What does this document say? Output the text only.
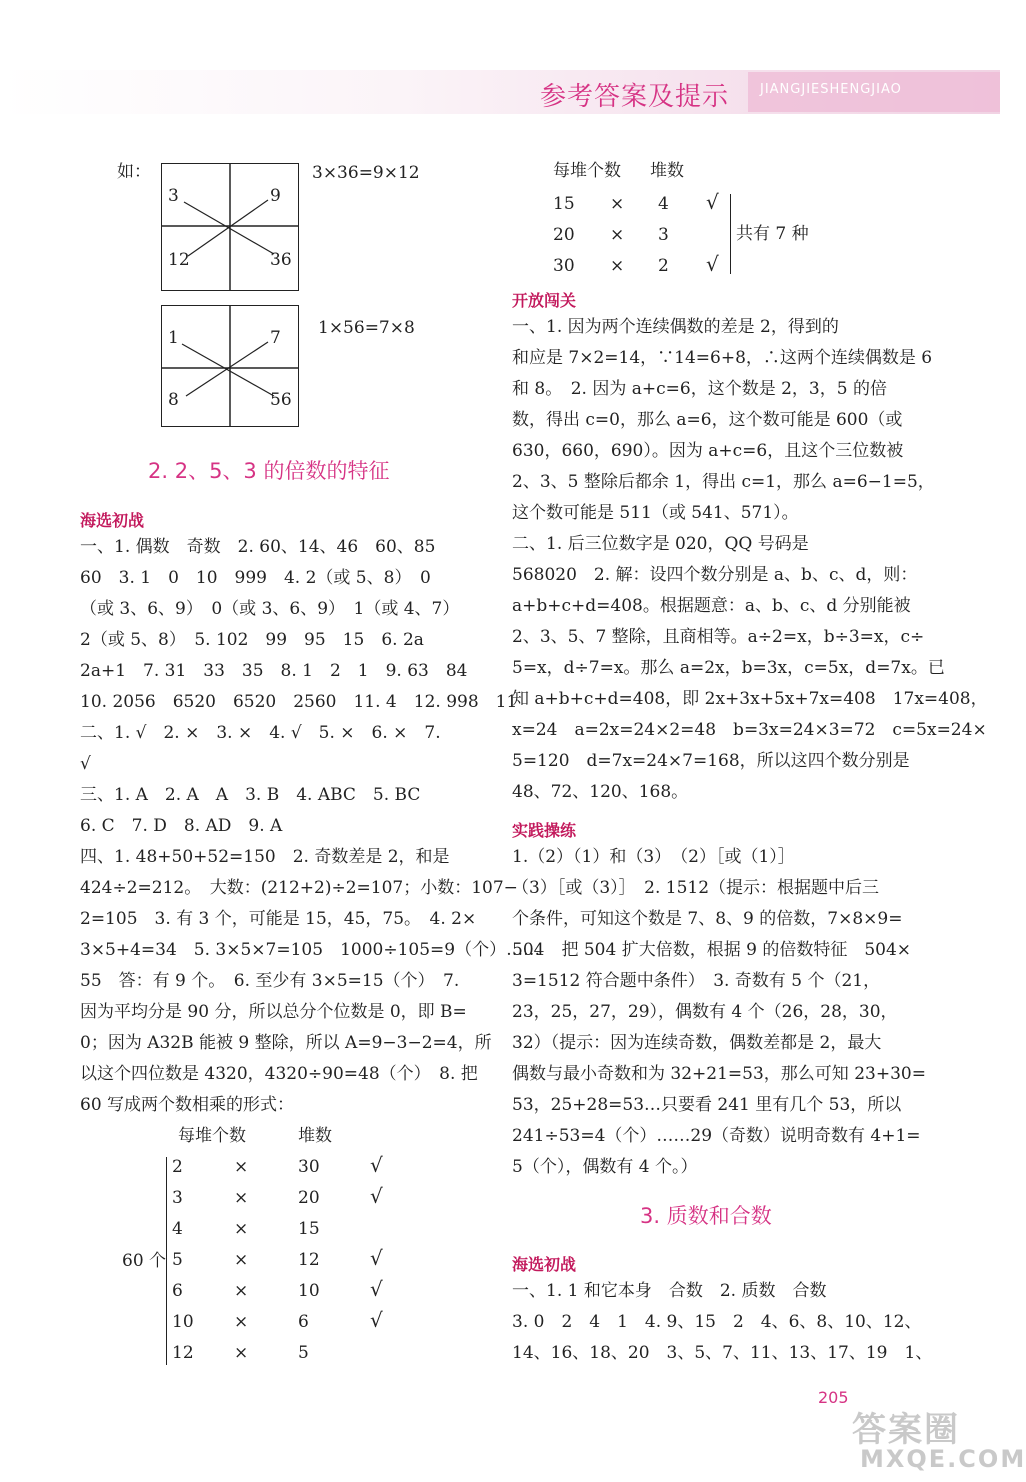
参考答案及提示 JIANGJIESHENGJIAO
如：
3	9
12	36
3×36=9×12
1	7
8	56
1×56=7×8
2. 2、5、3 的倍数的特征
海选初战
一、1. 偶数　奇数　2. 60、14、46　60、85
60　3. 1　0　10　999　4. 2（或 5、8）　0
（或 3、6、9）　0（或 3、6、9）　1（或 4、7）
2（或 5、8）　5. 102　99　95　15　6. 2a
2a+1　7. 31　33　35　8. 1　2　1　9. 63　84
10. 2056　6520　6520　2560　11. 4　12. 998　11
二、1. √　2. ×　3. ×　4. √　5. ×　6. ×　7.
√
三、1. A　2. A　A　3. B　4. ABC　5. BC
6. C　7. D　8. AD　9. A
四、1. 48+50+52=150　2. 奇数差是 2，和是
424÷2=212。　大数：(212+2)÷2=107；小数：107−
2=105　3. 有 3 个，可能是 15，45，75。　4. 2×
3×5+4=34　5. 3×5×7=105　1000÷105=9（个）……
55　答：有 9 个。　6. 至少有 3×5=15（个）　7.
因为平均分是 90 分，所以总分个位数是 0，即 B=
0；因为 A32B 能被 9 整除，所以 A=9−3−2=4，所
以这个四位数是 4320，4320÷90=48（个）　8. 把
60 写成两个数相乘的形式：
每堆个数	堆数
60 个
2	×	30	√
3	×	20	√
4	×	15
5	×	12	√
6	×	10	√
10 ×	6	√
12 ×	5
每堆个数 堆数
15 × 4 √
20 × 3
30 × 2 √
共有 7 种
开放闯关
一、1. 因为两个连续偶数的差是 2，得到的
和应是 7×2=14，∵14=6+8，∴这两个连续偶数是 6
和 8。　2. 因为 a+c=6，这个数是 2，3，5 的倍
数，得出 c=0，那么 a=6，这个数可能是 600（或
630，660，690）。因为 a+c=6，且这个三位数被
2、3、5 整除后都余 1，得出 c=1，那么 a=6−1=5，
这个数可能是 511（或 541、571）。
二、1. 后三位数字是 020，QQ 号码是
568020　2. 解：设四个数分别是 a、b、c、d，则：
a+b+c+d=408。根据题意：a、b、c、d 分别能被
2、3、5、7 整除，且商相等。a÷2=x，b÷3=x，c÷
5=x，d÷7=x。那么 a=2x，b=3x，c=5x，d=7x。已
知 a+b+c+d=408，即 2x+3x+5x+7x=408　17x=408，
x=24　a=2x=24×2=48　b=3x=24×3=72　c=5x=24×
5=120　d=7x=24×7=168，所以这四个数分别是
48、72、120、168。
实践操练
1.（2）（1）和（3）　（2）［或（1）］
（3）［或（3）］　2. 1512（提示：根据题中后三
个条件，可知这个数是 7、8、9 的倍数，7×8×9=
504　把 504 扩大倍数，根据 9 的倍数特征　504×
3=1512 符合题中条件）　3. 奇数有 5 个（21，
23，25，27，29），偶数有 4 个（26，28，30，
32）（提示：因为连续奇数，偶数差都是 2，最大
偶数与最小奇数和为 32+21=53，那么可知 23+30=
53，25+28=53…只要看 241 里有几个 53，所以
241÷53=4（个）……29（奇数）说明奇数有 4+1=
5（个），偶数有 4 个。）
3. 质数和合数
海选初战
一、1. 1 和它本身　合数　2. 质数　合数
3. 0　2　4　1　4. 9、15　2　4、6、8、10、12、
14、16、18、20　3、5、7、11、13、17、19　1、
205
答案圈
MXQE.COM
